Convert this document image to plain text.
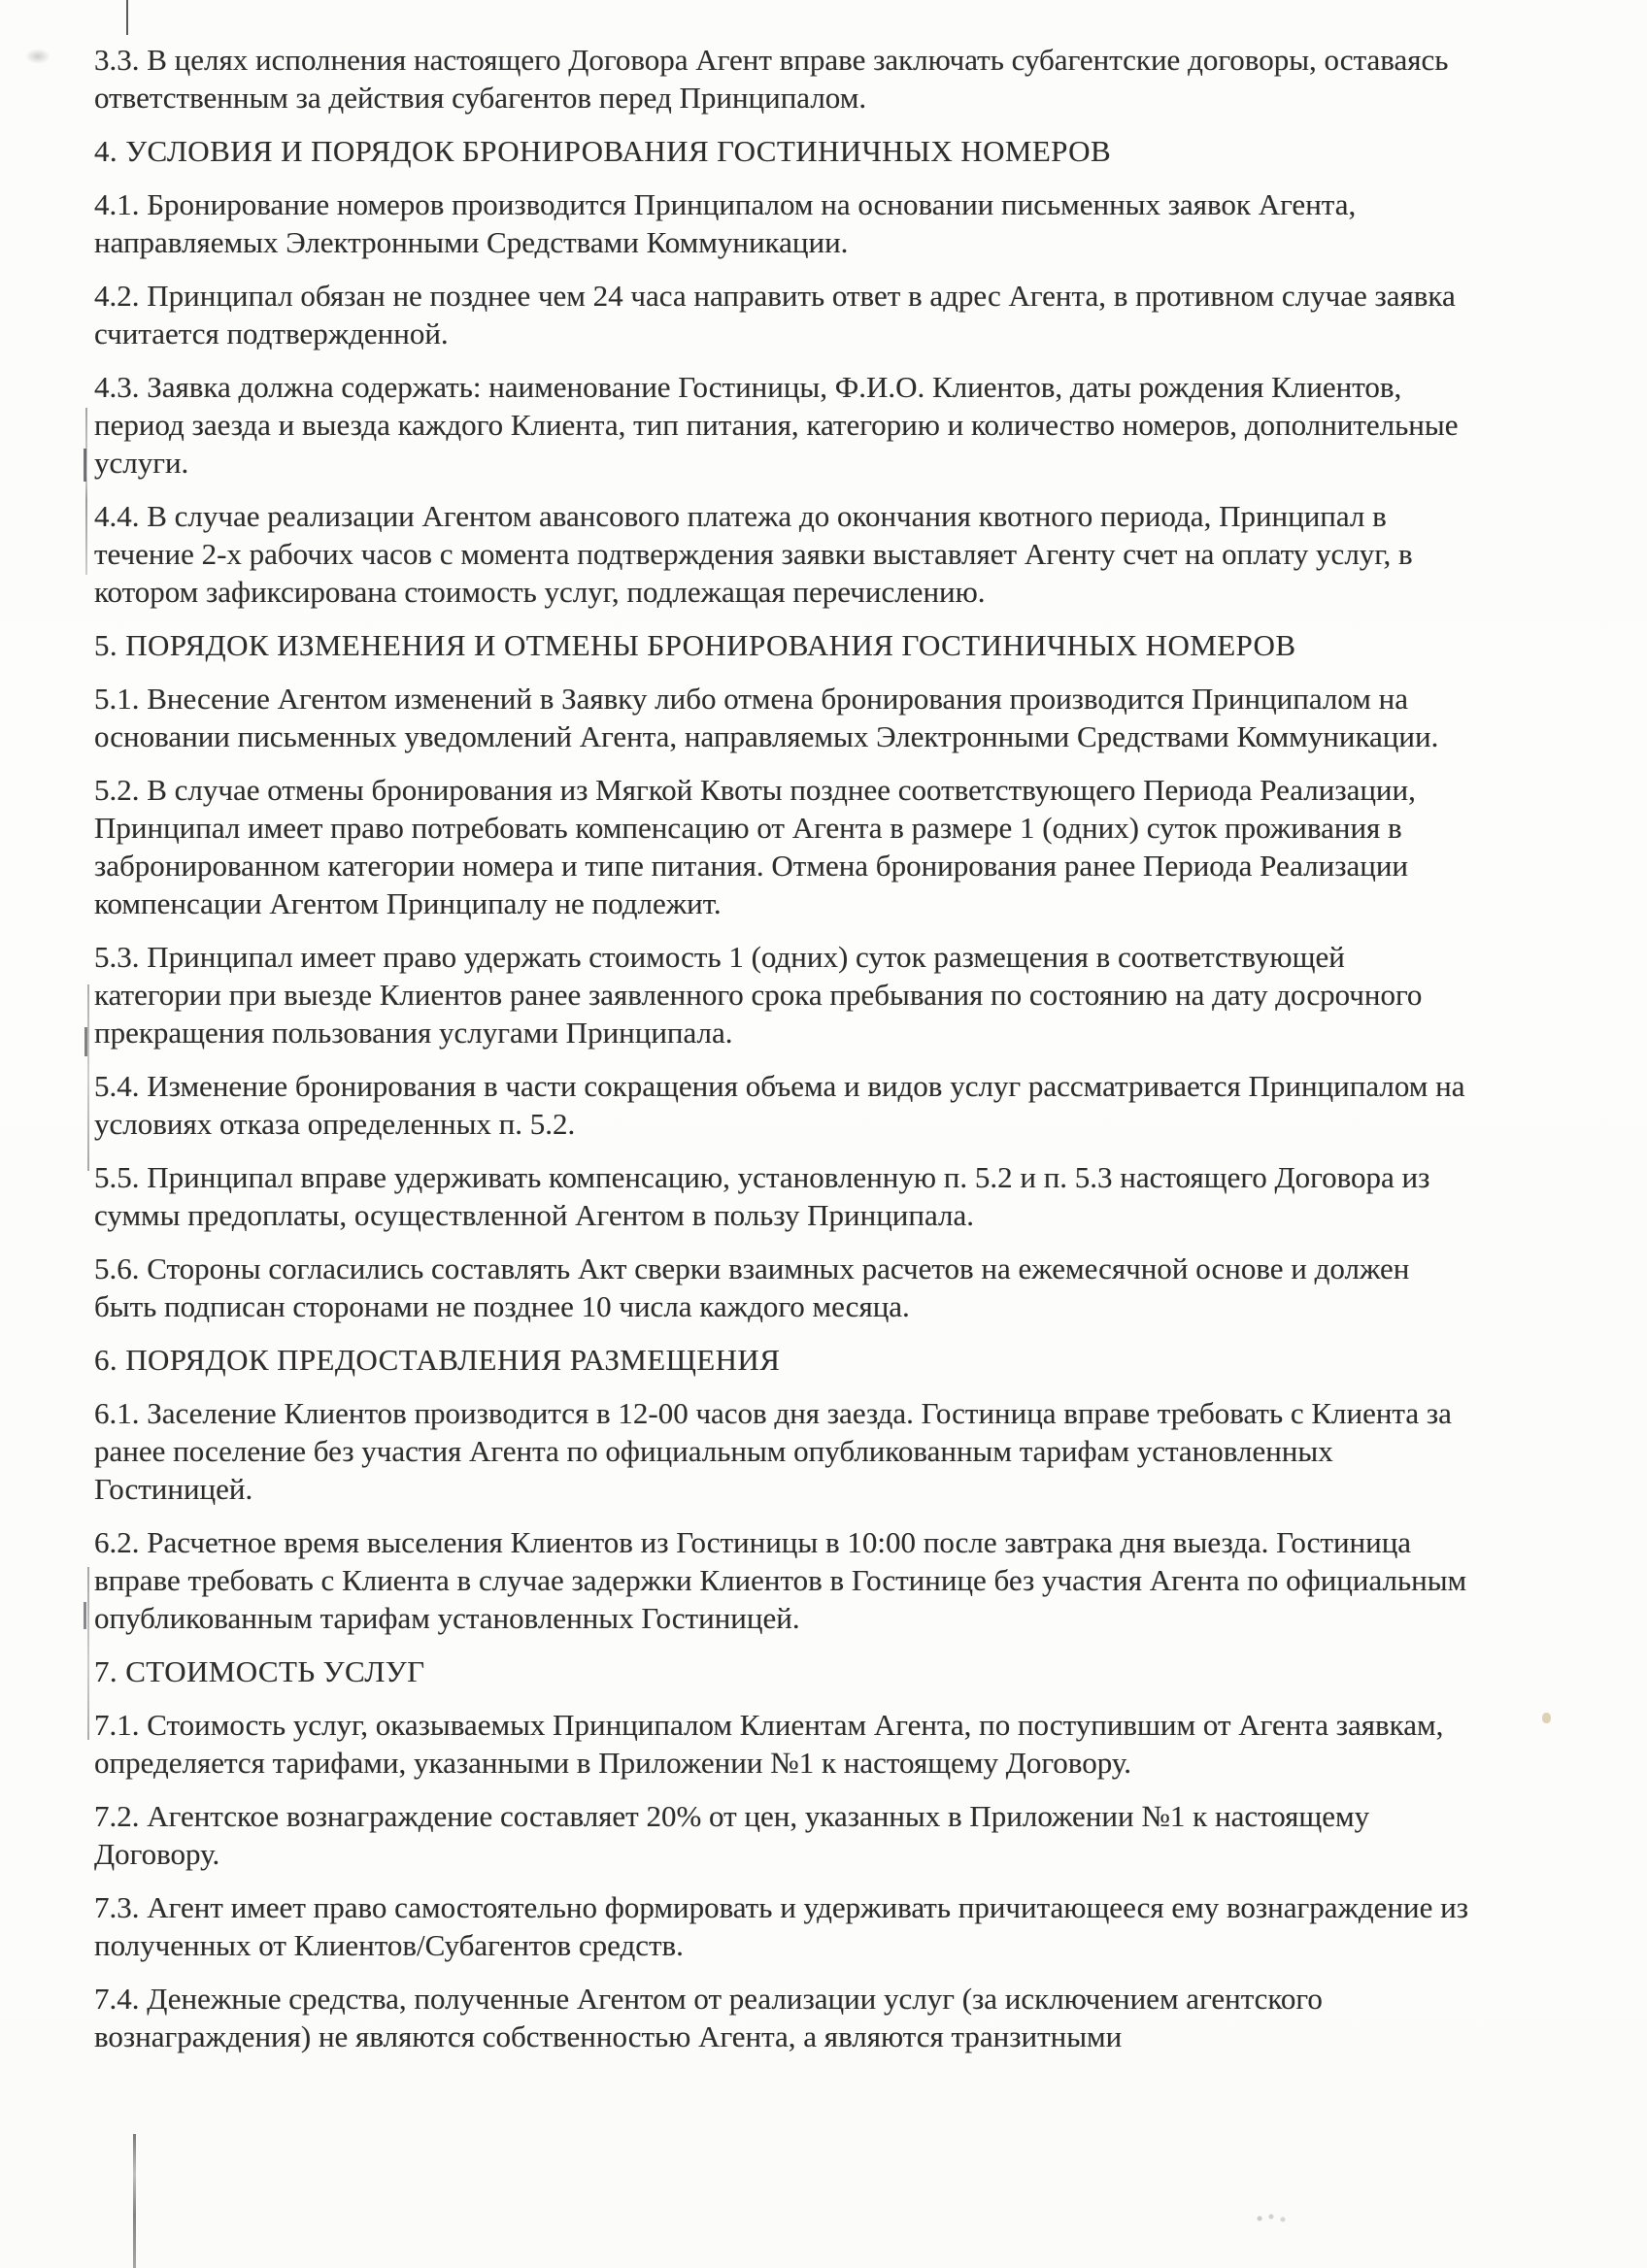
3.3. В целях исполнения настоящего Договора Агент вправе заключать субагентские договоры, оставаясь ответственным за действия субагентов перед Принципалом.
4. УСЛОВИЯ И ПОРЯДОК БРОНИРОВАНИЯ ГОСТИНИЧНЫХ НОМЕРОВ
4.1. Бронирование номеров производится Принципалом на основании письменных заявок Агента, направляемых Электронными Средствами Коммуникации.
4.2. Принципал обязан не позднее чем 24 часа направить ответ в адрес Агента, в противном случае заявка считается подтвержденной.
4.3. Заявка должна содержать: наименование Гостиницы, Ф.И.О. Клиентов, даты рождения Клиентов, период заезда и выезда каждого Клиента, тип питания, категорию и количество номеров, дополнительные услуги.
4.4. В случае реализации Агентом авансового платежа до окончания квотного периода, Принципал в течение 2-х рабочих часов с момента подтверждения заявки выставляет Агенту счет на оплату услуг, в котором зафиксирована стоимость услуг, подлежащая перечислению.
5. ПОРЯДОК ИЗМЕНЕНИЯ И ОТМЕНЫ БРОНИРОВАНИЯ ГОСТИНИЧНЫХ НОМЕРОВ
5.1. Внесение Агентом изменений в Заявку либо отмена бронирования производится Принципалом на основании письменных уведомлений Агента, направляемых Электронными Средствами Коммуникации.
5.2. В случае отмены бронирования из Мягкой Квоты позднее соответствующего Периода Реализации, Принципал имеет право потребовать компенсацию от Агента в размере 1 (одних) суток проживания в забронированном категории номера и типе питания. Отмена бронирования ранее Периода Реализации компенсации Агентом Принципалу не подлежит.
5.3. Принципал имеет право удержать стоимость 1 (одних) суток размещения в соответствующей категории при выезде Клиентов ранее заявленного срока пребывания по состоянию на дату досрочного прекращения пользования услугами Принципала.
5.4. Изменение бронирования в части сокращения объема и видов услуг рассматривается Принципалом на условиях отказа определенных п. 5.2.
5.5. Принципал вправе удерживать компенсацию, установленную п. 5.2 и п. 5.3 настоящего Договора из суммы предоплаты, осуществленной Агентом в пользу Принципала.
5.6. Стороны согласились составлять Акт сверки взаимных расчетов на ежемесячной основе и должен быть подписан сторонами не позднее 10 числа каждого месяца.
6. ПОРЯДОК ПРЕДОСТАВЛЕНИЯ РАЗМЕЩЕНИЯ
6.1. Заселение Клиентов производится в 12-00 часов дня заезда. Гостиница вправе требовать с Клиента за ранее поселение без участия Агента по официальным опубликованным тарифам установленных Гостиницей.
6.2. Расчетное время выселения Клиентов из Гостиницы в 10:00 после завтрака дня выезда. Гостиница вправе требовать с Клиента в случае задержки Клиентов в Гостинице без участия Агента по официальным опубликованным тарифам установленных Гостиницей.
7. СТОИМОСТЬ УСЛУГ
7.1. Стоимость услуг, оказываемых Принципалом Клиентам Агента, по поступившим от Агента заявкам, определяется тарифами, указанными в Приложении №1 к настоящему Договору.
7.2. Агентское вознаграждение составляет 20% от цен, указанных в Приложении №1 к настоящему Договору.
7.3. Агент имеет право самостоятельно формировать и удерживать причитающееся ему вознаграждение из полученных от Клиентов/Субагентов средств.
7.4. Денежные средства, полученные Агентом от реализации услуг (за исключением агентского вознаграждения) не являются собственностью Агента, а являются транзитными
